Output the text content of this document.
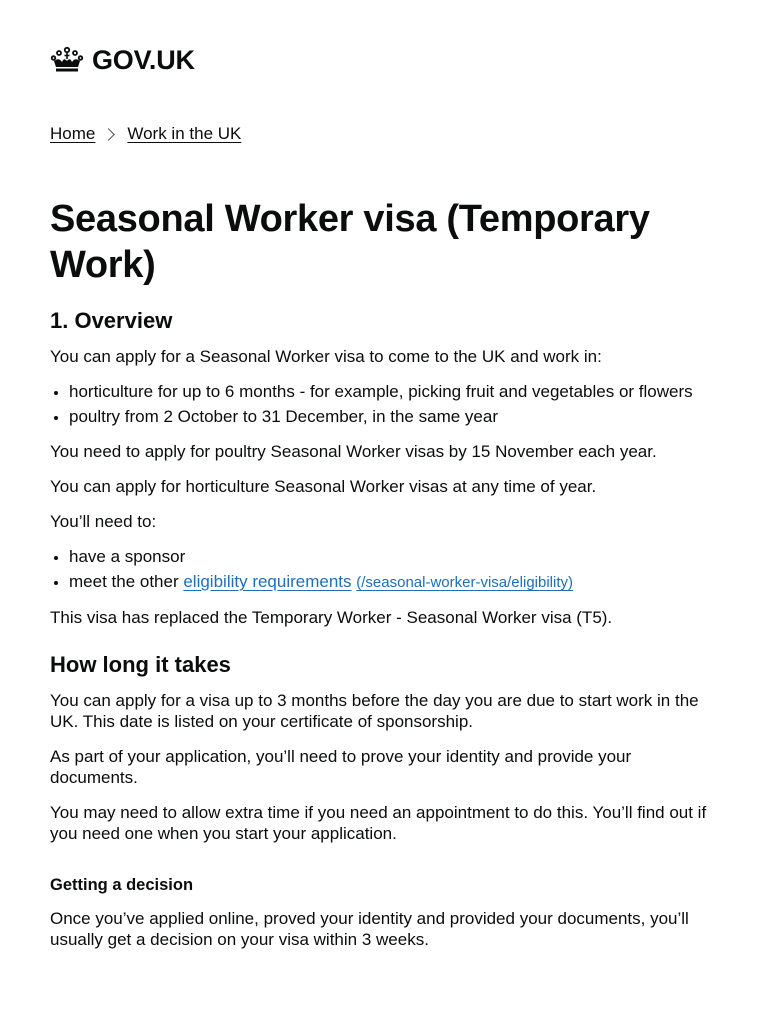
GOV.UK
Home Work in the UK
Seasonal Worker visa (Temporary Work)
1. Overview

You can apply for a Seasonal Worker visa to come to the UK and work in:

• horticulture for up to 6 months - for example, picking fruit and vegetables or flowers
• poultry from 2 October to 31 December, in the same year

You need to apply for poultry Seasonal Worker visas by 15 November each year.

You can apply for horticulture Seasonal Worker visas at any time of year.

You’ll need to:

• have a sponsor
• meet the other eligibility requirements (/seasonal-worker-visa/eligibility)

This visa has replaced the Temporary Worker - Seasonal Worker visa (T5).

How long it takes

You can apply for a visa up to 3 months before the day you are due to start work in the UK. This date is listed on your certificate of sponsorship.

As part of your application, you’ll need to prove your identity and provide your documents.

You may need to allow extra time if you need an appointment to do this. You’ll find out if you need one when you start your application.

Getting a decision

Once you’ve applied online, proved your identity and provided your documents, you’ll usually get a decision on your visa within 3 weeks.
